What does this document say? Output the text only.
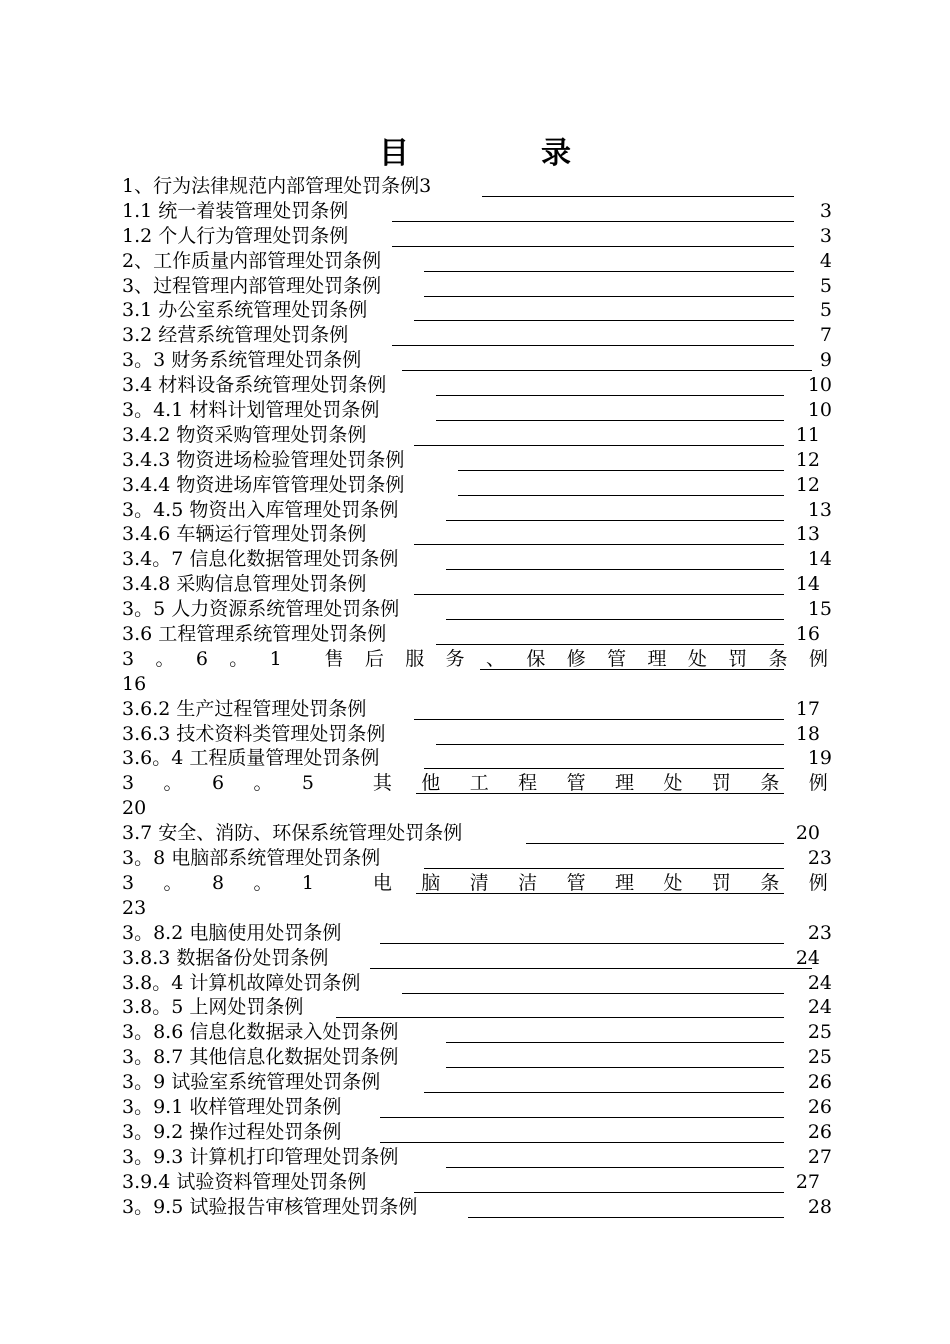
目	录
1、行为法律规范内部管理处罚条例3
1.1 统一着装管理处罚条例	3
1.2 个人行为管理处罚条例	3
2、工作质量内部管理处罚条例	4
3、过程管理内部管理处罚条例	5
3.1 办公室系统管理处罚条例	5
3.2 经营系统管理处罚条例	7
3。3 财务系统管理处罚条例	9
3.4 材料设备系统管理处罚条例	10
3。4.1 材料计划管理处罚条例	10
3.4.2 物资采购管理处罚条例	11
3.4.3 物资进场检验管理处罚条例	12
3.4.4 物资进场库管管理处罚条例	12
3。4.5 物资出入库管理处罚条例	13
3.4.6 车辆运行管理处罚条例	13
3.4。7 信息化数据管理处罚条例	14
3.4.8 采购信息管理处罚条例	14
3。5 人力资源系统管理处罚条例	15
3.6 工程管理系统管理处罚条例	16
3 。 6 。 1 售 后 服 务 、 保 修 管 理 处 罚 条 例
16
3.6.2 生产过程管理处罚条例	17
3.6.3 技术资料类管理处罚条例	18
3.6。4 工程质量管理处罚条例	19
3 。 6 。 5	其 他 工 程 管 理 处 罚 条 例
20
3.7 安全、消防、环保系统管理处罚条例	20
3。8 电脑部系统管理处罚条例	23
3 。 8 。 1	电 脑 清 洁 管 理 处 罚 条 例
23
3。8.2 电脑使用处罚条例	23
3.8.3 数据备份处罚条例	24
3.8。4 计算机故障处罚条例	24
3.8。5 上网处罚条例	24
3。8.6 信息化数据录入处罚条例	25
3。8.7 其他信息化数据处罚条例	25
3。9 试验室系统管理处罚条例	26
3。9.1 收样管理处罚条例	26
3。9.2 操作过程处罚条例	26
3。9.3 计算机打印管理处罚条例	27
3.9.4 试验资料管理处罚条例	27
3。9.5 试验报告审核管理处罚条例	28
